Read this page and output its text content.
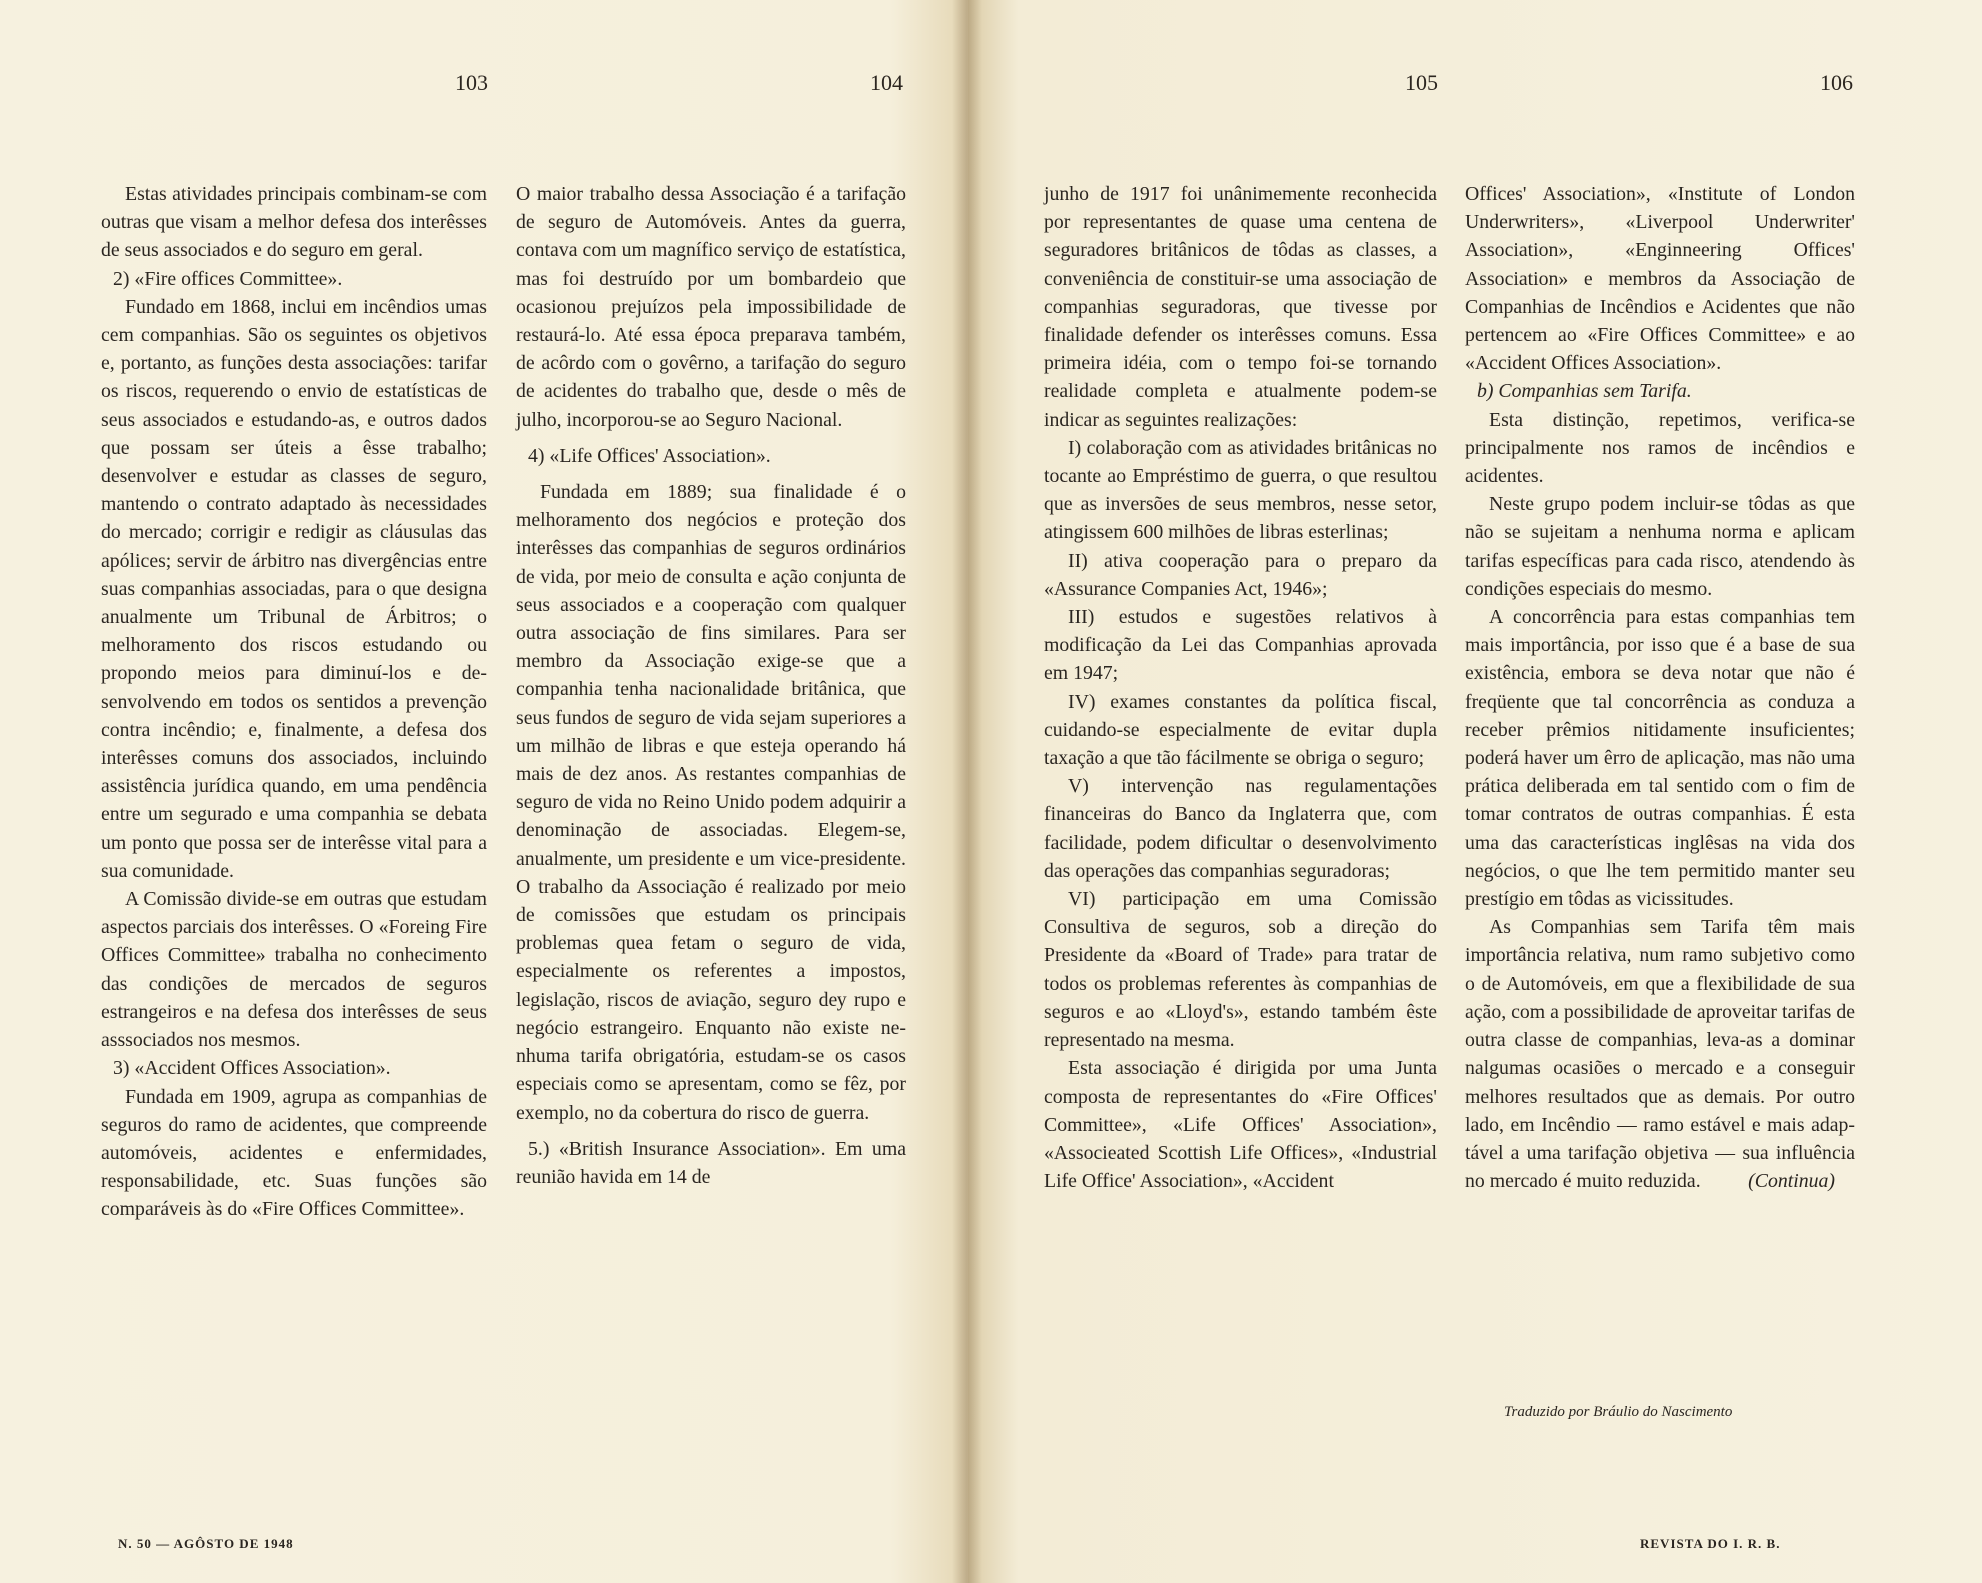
103	104	105	106

Estas atividades principais combinam-se com outras que visam a melhor defesa dos interêsses de seus associados e do seguro em geral.

2) «Fire offices Committee».

Fundado em 1868, inclui em incêndios umas cem companhias. São os seguintes os objetivos e, portanto, as funções desta associações: tarifar os riscos, requerendo o envio de estatísticas de seus associados e estudando-as, e outros dados que possam ser úteis a êsse trabalho; desenvolver e estudar as classes de seguro, mantendo o contrato adaptado às necessidades do mercado; corrigir e redigir as cláusulas das apólices; servir de árbitro nas divergências entre suas companhias associadas, para o que designa anualmente um Tribunal de Árbitros; o melhoramento dos riscos estudando ou propondo meios para diminuí-los e desenvolvendo em todos os sentidos a prevenção contra incêndio; e, finalmente, a defesa dos interêsses comuns dos associados, incluindo assistência jurídica quando, em uma pendência entre um segurado e uma companhia se debata um ponto que possa ser de interêsse vital para a sua comunidade.

A Comissão divide-se em outras que estudam aspectos parciais dos interêsses. O «Foreing Fire Offices Committee» trabalha no conhecimento das condições de mercados de seguros estrangeiros e na defesa dos interêsses de seus asssociados nos mesmos.

3) «Accident Offices Association».

Fundada em 1909, agrupa as companhias de seguros do ramo de acidentes, que compreende automóveis, acidentes e enfermidades, responsabilidade, etc. Suas funções são comparáveis às do «Fire Offices Committee».

O maior trabalho dessa Associação é a tarifação de seguro de Automóveis. Antes da guerra, contava com um magnífico serviço de estatística, mas foi destruído por um bombardeio que ocasionou prejuízos pela impossibilidade de restaurá-lo. Até essa época preparava também, de acôrdo com o govêrno, a tarifação do seguro de acidentes do trabalho que, desde o mês de julho, incorporou-se ao Seguro Nacional.

4) «Life Offices' Association».

Fundada em 1889; sua finalidade é o melhoramento dos negócios e proteção dos interêsses das companhias de seguros ordinários de vida, por meio de consulta e ação conjunta de seus associados e a cooperação com qualquer outra associação de fins similares. Para ser membro da Associação exige-se que a companhia tenha nacionalidade britânica, que seus fundos de seguro de vida sejam superiores a um milhão de libras e que esteja operando há mais de dez anos. As restantes companhias de seguro de vida no Reino Unido podem adquirir a denominação de associadas. Elegem-se, anualmente, um presidente e um vice-presidente. O trabalho da Associação é realizado por meio de comissões que estudam os principais problemas quea fetam o seguro de vida, especialmente os referentes a impostos, legislação, riscos de aviação, seguro dеу rupo e negócio estrangeiro. Enquanto não existe nenhuma tarifa obrigatória, estudam-se os casos especiais como se apresentam, como se fêz, por exemplo, no da cobertura do risco de guerra.

5.) «British Insurance Association». Em uma reunião havida em 14 de

junho de 1917 foi unânimemente reconhecida por representantes de quase uma centena de seguradores britânicos de tôdas as classes, a conveniência de constituir-se uma associação de companhias seguradoras, que tivesse por finalidade defender os interêsses comuns. Essa primeira idéia, com o tempo foi-se tornando realidade completa e atualmente podem-se indicar as seguintes realizações:

I) colaboração com as atividades britânicas no tocante ao Empréstimo de guerra, o que resultou que as inversões de seus membros, nesse setor, atingissem 600 milhões de libras esterlinas;

II) ativa cooperação para o preparo da «Assurance Companies Act, 1946»;

III) estudos e sugestões relativos à modificação da Lei das Companhias aprovada em 1947;

IV) exames constantes da política fiscal, cuidando-se especialmente de evitar dupla taxação a que tão fácilmente se obriga o seguro;

V) intervenção nas regulamentações financeiras do Banco da Inglaterra que, com facilidade, podem dificultar o desenvolvimento das operações das companhias seguradoras;

VI) participação em uma Comissão Consultiva de seguros, sob a direção do Presidente da «Board of Trade» para tratar de todos os problemas referentes às companhias de seguros e ao «Lloyd's», estando também êste representado na mesma.

Esta associação é dirigida por uma Junta composta de representantes do «Fire Offices' Committee», «Life Offices' Association», «Associeated Scottish Life Offices», «Industrial Life Office' Association», «Accident

Offices' Association», «Institute of London Underwriters», «Liverpool Underwriter' Association», «Enginneering Offices' Association» e membros da Associação de Companhias de Incêndios e Acidentes que não pertencem ao «Fire Offices Committee» e ao «Accident Offices Association».

b) Companhias sem Tarifa.

Esta distinção, repetimos, verifica-se principalmente nos ramos de incêndios e acidentes.

Neste grupo podem incluir-se tôdas as que não se sujeitam a nenhuma norma e aplicam tarifas específicas para cada risco, atendendo às condições especiais do mesmo.

A concorrência para estas companhias tem mais importância, por isso que é a base de sua existência, embora se deva notar que não é freqüente que tal concorrência as conduza a receber prêmios nitidamente insuficientes; poderá haver um êrro de aplicação, mas não uma prática deliberada em tal sentido com o fim de tomar contratos de outras companhias. É esta uma das características inglêsas na vida dos negócios, o que lhe tem permitido manter seu prestígio em tôdas as vicissitudes.

As Companhias sem Tarifa têm mais importância relativa, num ramo subjetivo como o de Automóveis, em que a flexibilidade de sua ação, com a possibilidade de aproveitar tarifas de outra classe de companhias, leva-as a dominar nalgumas ocasiões o mercado e a conseguir melhores resultados que as demais. Por outro lado, em Incêndio — ramo estável e mais adaptável a uma tarifação objetiva — sua influência no mercado é muito reduzida.	(Continua)

Traduzido por Bráulio do Nascimento
N. 50 — AGÔSTO DE 1948	REVISTA DO I. R. B.
